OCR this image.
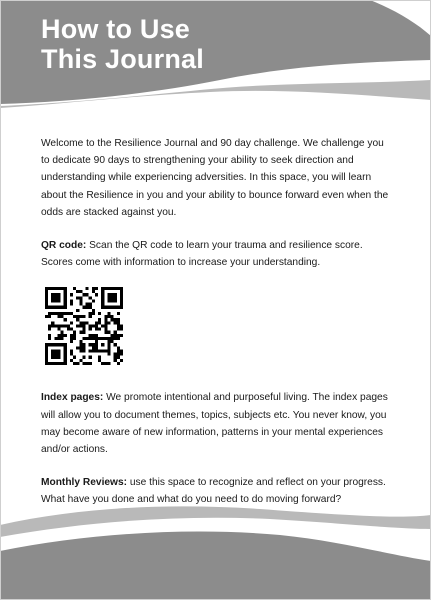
How to Use
This Journal

Welcome to the Resilience Journal and 90 day challenge. We challenge you to dedicate 90 days to strengthening your ability to seek direction and understanding while experiencing adversities. In this space, you will learn about the Resilience in you and your ability to bounce forward even when the odds are stacked against you.

QR code: Scan the QR code to learn your trauma and resilience score. Scores come with information to increase your understanding.

Index pages: We promote intentional and purposeful living. The index pages will allow you to document themes, topics, subjects etc. You never know, you may become aware of new information, patterns in your mental experiences and/or actions.

Monthly Reviews: use this space to recognize and reflect on your progress. What have you done and what do you need to do moving forward?
